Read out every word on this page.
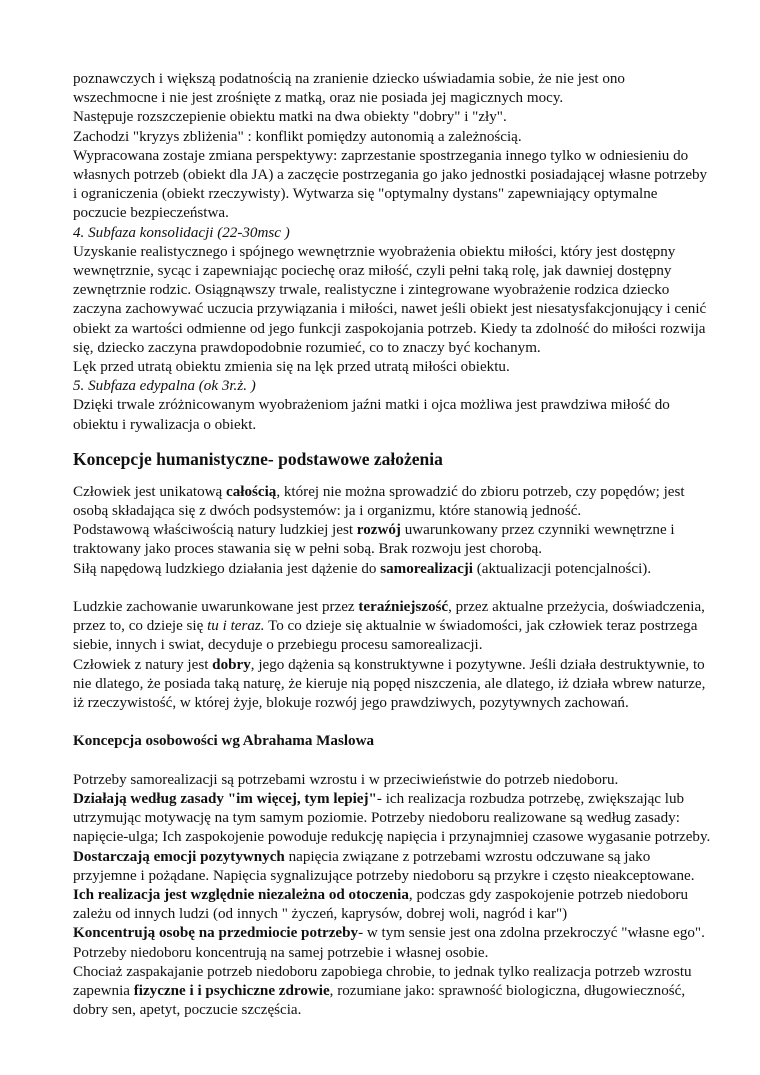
poznawczych i większą podatnością na zranienie dziecko uświadamia sobie, że nie jest ono wszechmocne i nie jest zrośnięte z matką, oraz nie posiada jej magicznych mocy.

Następuje rozszczepienie obiektu matki na dwa obiekty "dobry" i "zły".

Zachodzi "kryzys zbliżenia" : konflikt pomiędzy autonomią a zależnością.

Wypracowana zostaje zmiana perspektywy: zaprzestanie spostrzegania innego tylko w odniesieniu do własnych potrzeb (obiekt dla JA) a zaczęcie postrzegania go jako jednostki posiadającej własne potrzeby i ograniczenia (obiekt rzeczywisty). Wytwarza się "optymalny dystans" zapewniający optymalne poczucie bezpieczeństwa.

4. Subfaza konsolidacji (22-30msc )

Uzyskanie realistycznego i spójnego wewnętrznie wyobrażenia obiektu miłości, który jest dostępny wewnętrznie, sycąc i zapewniając pociechę oraz miłość, czyli pełni taką rolę, jak dawniej dostępny zewnętrznie rodzic. Osiągnąwszy trwale, realistyczne i zintegrowane wyobrażenie rodzica dziecko zaczyna zachowywać uczucia przywiązania i miłości, nawet jeśli obiekt jest niesatysfakcjonujący i cenić obiekt za wartości odmienne od jego funkcji zaspokojania potrzeb. Kiedy ta zdolność do miłości rozwija się, dziecko zaczyna prawdopodobnie rozumieć, co to znaczy być kochanym.

Lęk przed utratą obiektu zmienia się na lęk przed utratą miłości obiektu.

5. Subfaza edypalna (ok 3r.ż. )

Dzięki trwale zróżnicowanym wyobrażeniom jaźni matki i ojca możliwa jest prawdziwa miłość do obiektu i rywalizacja o obiekt.

Koncepcje humanistyczne- podstawowe założenia

Człowiek jest unikatową całością, której nie można sprowadzić do zbioru potrzeb, czy popędów; jest osobą składająca się z dwóch podsystemów: ja i organizmu, które stanowią jedność.

Podstawową właściwością natury ludzkiej jest rozwój uwarunkowany przez czynniki wewnętrzne i traktowany jako proces stawania się w pełni sobą. Brak rozwoju jest chorobą.

Siłą napędową ludzkiego działania jest dążenie do samorealizacji (aktualizacji potencjalności).

Ludzkie zachowanie uwarunkowane jest przez teraźniejszość, przez aktualne przeżycia, doświadczenia, przez to, co dzieje się tu i teraz. To co dzieje się aktualnie w świadomości, jak człowiek teraz postrzega siebie, innych i swiat, decyduje o przebiegu procesu samorealizacji.

Człowiek z natury jest dobry, jego dążenia są konstruktywne i pozytywne. Jeśli działa destruktywnie, to nie dlatego, że posiada taką naturę, że kieruje nią popęd niszczenia, ale dlatego, iż działa wbrew naturze, iż rzeczywistość, w której żyje, blokuje rozwój jego prawdziwych, pozytywnych zachowań.

Koncepcja osobowości wg Abrahama Maslowa

Potrzeby samorealizacji są potrzebami wzrostu i w przeciwieństwie do potrzeb niedoboru.

Działają według zasady "im więcej, tym lepiej"- ich realizacja rozbudza potrzebę, zwiększając lub utrzymując motywację na tym samym poziomie. Potrzeby niedoboru realizowane są według zasady: napięcie-ulga; Ich zaspokojenie powoduje redukcję napięcia i przynajmniej czasowe wygasanie potrzeby.

Dostarczają emocji pozytywnych napięcia związane z potrzebami wzrostu odczuwane są jako przyjemne i pożądane. Napięcia sygnalizujące potrzeby niedoboru są przykre i często nieakceptowane.

Ich realizacja jest względnie niezależna od otoczenia, podczas gdy zaspokojenie potrzeb niedoboru zależu od innych ludzi (od innych " życzeń, kaprysów, dobrej woli, nagród i kar")

Koncentrują osobę na przedmiocie potrzeby- w tym sensie jest ona zdolna przekroczyć "własne ego". Potrzeby niedoboru koncentrują na samej potrzebie i własnej osobie.

Chociaż zaspakajanie potrzeb niedoboru zapobiega chrobie, to jednak tylko realizacja potrzeb wzrostu zapewnia fizyczne i i psychiczne zdrowie, rozumiane jako: sprawność biologiczna, długowieczność, dobry sen, apetyt, poczucie szczęścia.
